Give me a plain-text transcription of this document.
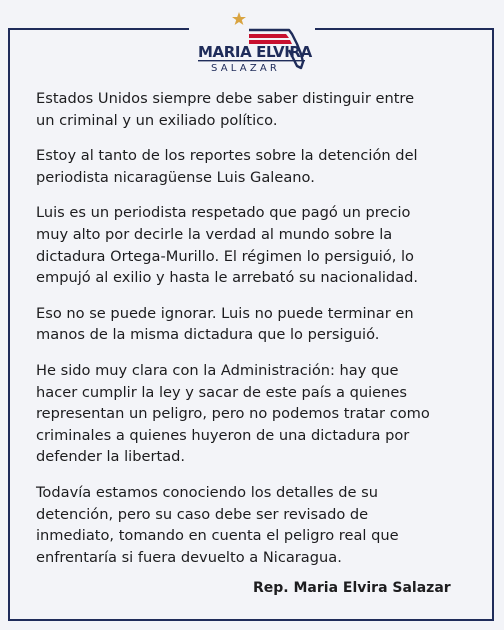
MARIA ELVIRA
SALAZAR

Estados Unidos siempre debe saber distinguir entre
un criminal y un exiliado político.

Estoy al tanto de los reportes sobre la detención del
periodista nicaragüense Luis Galeano.

Luis es un periodista respetado que pagó un precio
muy alto por decirle la verdad al mundo sobre la
dictadura Ortega-Murillo. El régimen lo persiguió, lo
empujó al exilio y hasta le arrebató su nacionalidad.

Eso no se puede ignorar. Luis no puede terminar en
manos de la misma dictadura que lo persiguió.

He sido muy clara con la Administración: hay que
hacer cumplir la ley y sacar de este país a quienes
representan un peligro, pero no podemos tratar como
criminales a quienes huyeron de una dictadura por
defender la libertad.

Todavía estamos conociendo los detalles de su
detención, pero su caso debe ser revisado de
inmediato, tomando en cuenta el peligro real que
enfrentaría si fuera devuelto a Nicaragua.

Rep. Maria Elvira Salazar
